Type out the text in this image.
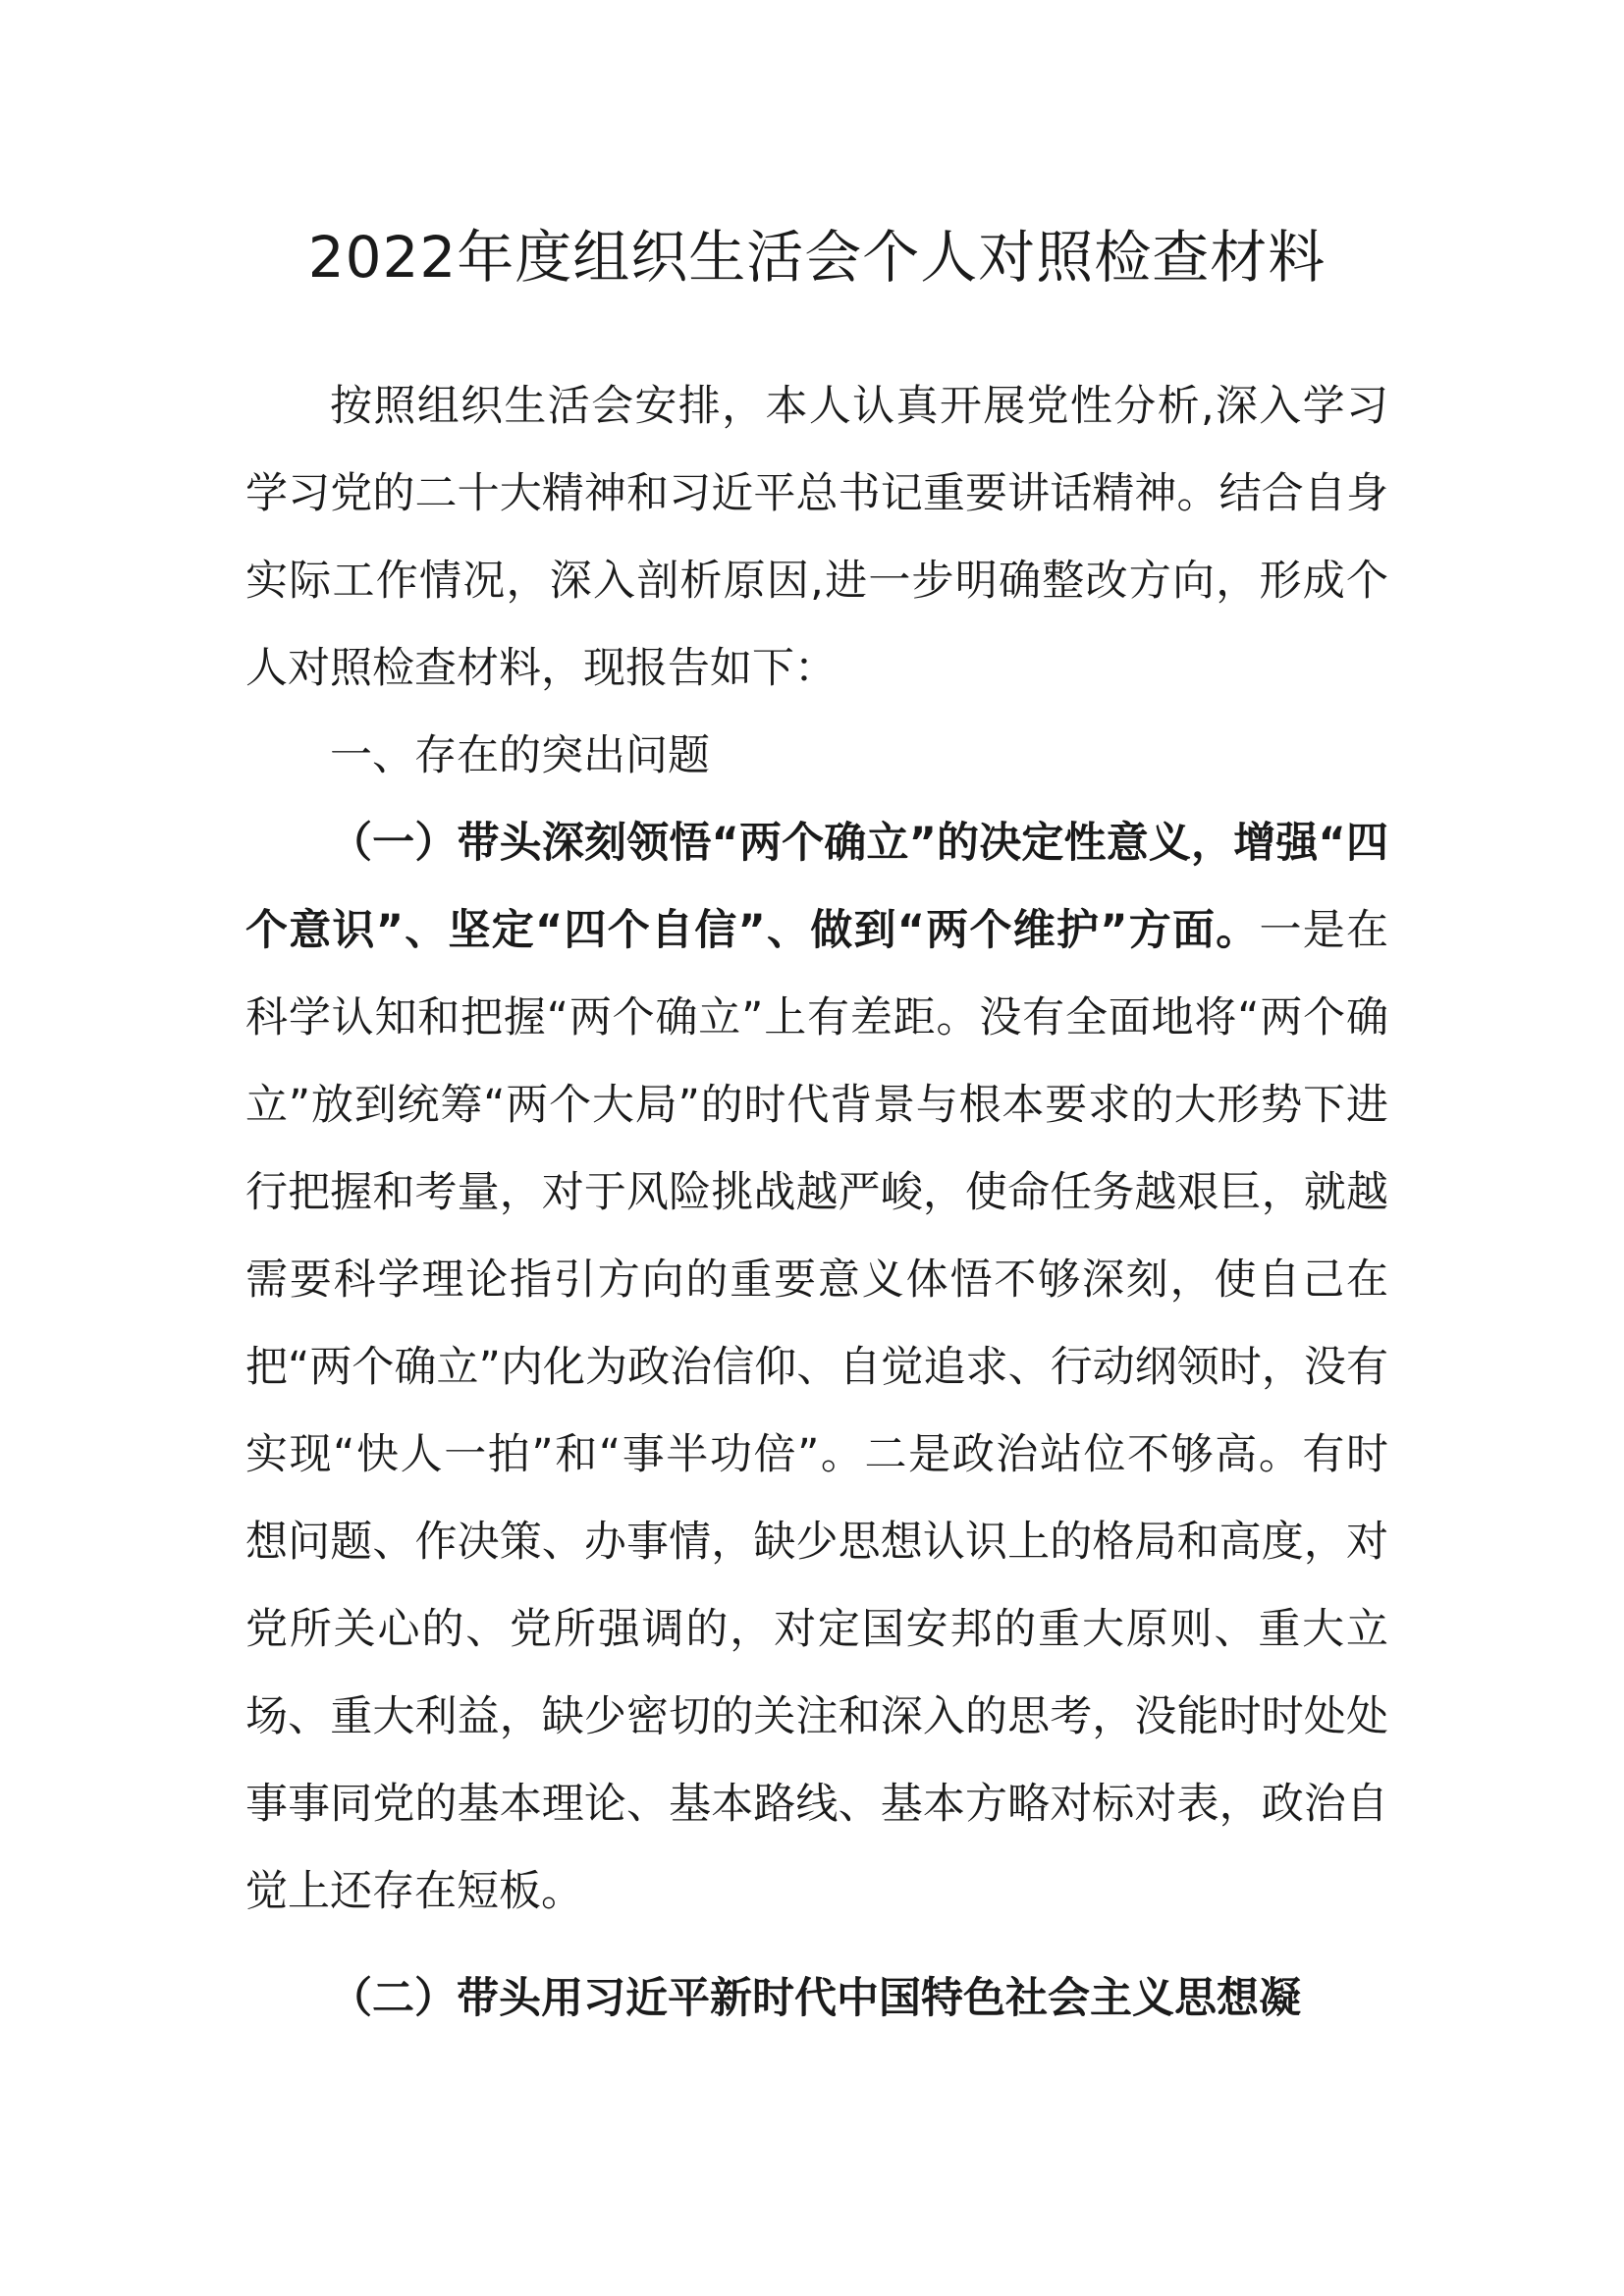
2022年度组织生活会个人对照检查材料

按照组织生活会安排，本人认真开展党性分析,深入学习学习党的二十大精神和习近平总书记重要讲话精神。结合自身实际工作情况，深入剖析原因,进一步明确整改方向，形成个人对照检查材料，现报告如下：

一、存在的突出问题

（一）带头深刻领悟“两个确立”的决定性意义，增强“四个意识”、坚定“四个自信”、做到“两个维护”方面。一是在科学认知和把握“两个确立”上有差距。没有全面地将“两个确立”放到统筹“两个大局”的时代背景与根本要求的大形势下进行把握和考量，对于风险挑战越严峻，使命任务越艰巨，就越需要科学理论指引方向的重要意义体悟不够深刻，使自己在把“两个确立”内化为政治信仰、自觉追求、行动纲领时，没有实现“快人一拍”和“事半功倍”。二是政治站位不够高。有时想问题、作决策、办事情，缺少思想认识上的格局和高度，对党所关心的、党所强调的，对定国安邦的重大原则、重大立场、重大利益，缺少密切的关注和深入的思考，没能时时处处事事同党的基本理论、基本路线、基本方略对标对表，政治自觉上还存在短板。

（二）带头用习近平新时代中国特色社会主义思想凝
